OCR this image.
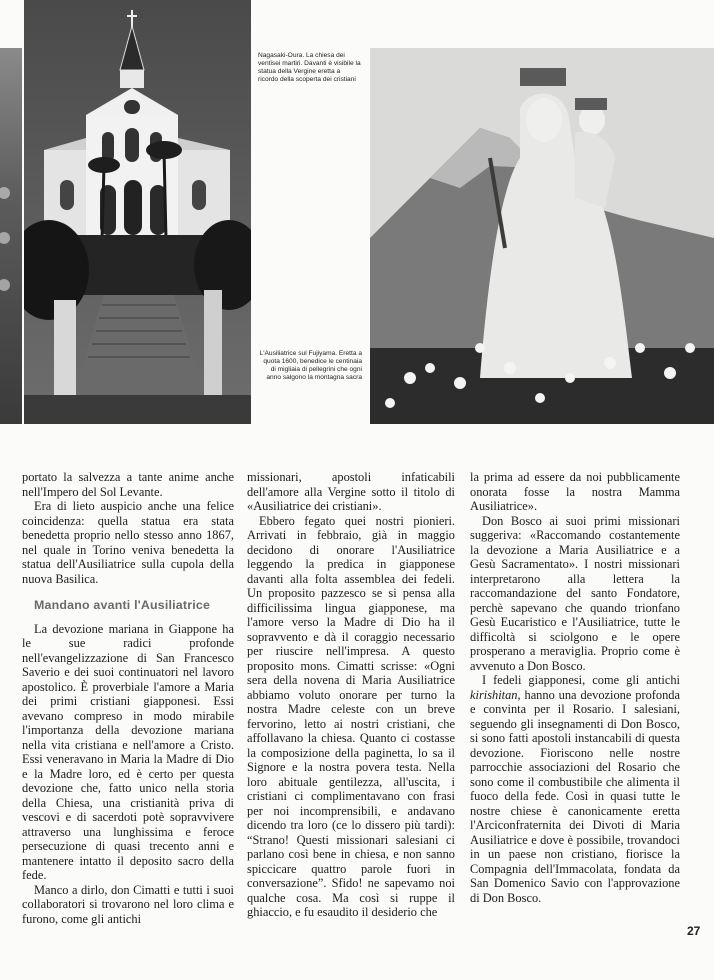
Nagasaki-Oura. La chiesa dei ventisei martiri. Davanti è visibile la statua della Vergine eretta a ricordo della scoperta dei cristiani
L'Ausiliatrice sul Fujiyama. Eretta a quota 1600, benedice le centinaia di migliaia di pellegrini che ogni anno salgono la montagna sacra

portato la salvezza a tante anime anche nell'Impero del Sol Levante.

Era di lieto auspicio anche una felice coincidenza: quella statua era stata benedetta proprio nello stesso anno 1867, nel quale in Torino veniva benedetta la statua dell'Ausiliatrice sulla cupola della nuova Basilica.

Mandano avanti l'Ausiliatrice

La devozione mariana in Giappone ha le sue radici profonde nell'evangelizzazione di San Francesco Saverio e dei suoi continuatori nel lavoro apostolico. È proverbiale l'amore a Maria dei primi cristiani giapponesi. Essi avevano compreso in modo mirabile l'importanza della devozione mariana nella vita cristiana e nell'amore a Cristo. Essi veneravano in Maria la Madre di Dio e la Madre loro, ed è certo per questa devozione che, fatto unico nella storia della Chiesa, una cristianità priva di vescovi e di sacerdoti potè sopravvivere attraverso una lunghissima e feroce persecuzione di quasi trecento anni e mantenere intatto il deposito sacro della fede.

Manco a dirlo, don Cimatti e tutti i suoi collaboratori si trovarono nel loro clima e furono, come gli antichi

missionari, apostoli infaticabili dell'amore alla Vergine sotto il titolo di «Ausiliatrice dei cristiani».

Ebbero fegato quei nostri pionieri. Arrivati in febbraio, già in maggio decidono di onorare l'Ausiliatrice leggendo la predica in giapponese davanti alla folta assemblea dei fedeli. Un proposito pazzesco se si pensa alla difficilissima lingua giapponese, ma l'amore verso la Madre di Dio ha il sopravvento e dà il coraggio necessario per riuscire nell'impresa. A questo proposito mons. Cimatti scrisse: «Ogni sera della novena di Maria Ausiliatrice abbiamo voluto onorare per turno la nostra Madre celeste con un breve fervorino, letto ai nostri cristiani, che affollavano la chiesa. Quanto ci costasse la composizione della paginetta, lo sa il Signore e la nostra povera testa. Nella loro abituale gentilezza, all'uscita, i cristiani ci complimentavano con frasi per noi incomprensibili, e andavano dicendo tra loro (ce lo dissero più tardi): “Strano! Questi missionari salesiani ci parlano così bene in chiesa, e non sanno spiccicare quattro parole fuori in conversazione”. Sfido! ne sapevamo noi qualche cosa. Ma così si ruppe il ghiaccio, e fu esaudito il desiderio che

la prima ad essere da noi pubblicamente onorata fosse la nostra Mamma Ausiliatrice».

Don Bosco ai suoi primi missionari suggeriva: «Raccomando costantemente la devozione a Maria Ausiliatrice e a Gesù Sacramentato». I nostri missionari interpretarono alla lettera la raccomandazione del santo Fondatore, perchè sapevano che quando trionfano Gesù Eucaristico e l'Ausiliatrice, tutte le difficoltà si sciolgono e le opere prosperano a meraviglia. Proprio come è avvenuto a Don Bosco.

I fedeli giapponesi, come gli antichi kirishitan, hanno una devozione profonda e convinta per il Rosario. I salesiani, seguendo gli insegnamenti di Don Bosco, si sono fatti apostoli instancabili di questa devozione. Fioriscono nelle nostre parrocchie associazioni del Rosario che sono come il combustibile che alimenta il fuoco della fede. Così in quasi tutte le nostre chiese è canonicamente eretta l'Arciconfraternita dei Divoti di Maria Ausiliatrice e dove è possibile, trovandoci in un paese non cristiano, fiorisce la Compagnia dell'Immacolata, fondata da San Domenico Savio con l'approvazione di Don Bosco.

27
